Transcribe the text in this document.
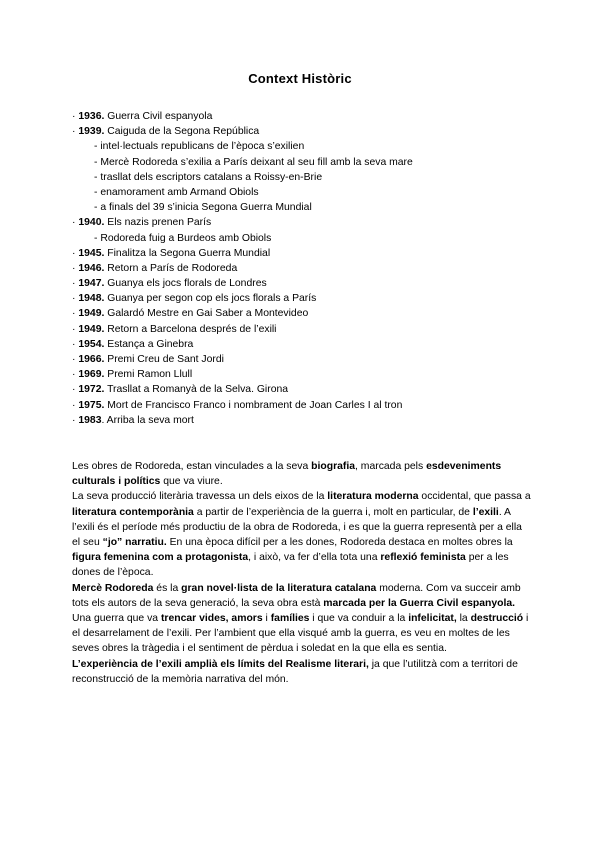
Context Històric
· 1936. Guerra Civil espanyola
· 1939. Caiguda de la Segona República
- intel·lectuals republicans de l’època s’exilien
- Mercè Rodoreda s’exilia a París deixant al seu fill amb la seva mare
- trasllat dels escriptors catalans a Roissy-en-Brie
- enamorament amb Armand Obiols
- a finals del 39 s’inicia Segona Guerra Mundial
· 1940. Els nazis prenen París
- Rodoreda fuig a Burdeos amb Obiols
· 1945. Finalitza la Segona Guerra Mundial
· 1946. Retorn a París de Rodoreda
· 1947. Guanya els jocs florals de Londres
· 1948. Guanya per segon cop els jocs florals a París
· 1949. Galardó Mestre en Gai Saber a Montevideo
· 1949. Retorn a Barcelona després de l’exili
· 1954. Estança a Ginebra
· 1966. Premi Creu de Sant Jordi
· 1969. Premi Ramon Llull
· 1972. Trasllat a Romanyà de la Selva. Girona
· 1975. Mort de Francisco Franco i nombrament de Joan Carles I al tron
· 1983. Arriba la seva mort

Les obres de Rodoreda, estan vinculades a la seva biografia, marcada pels esdeveniments culturals i polítics que va viure.

La seva producció literària travessa un dels eixos de la literatura moderna occidental, que passa a literatura contemporània a partir de l’experiència de la guerra i, molt en particular, de l’exili. A l’exili és el període més productiu de la obra de Rodoreda, i es que la guerra representà per a ella el seu “jo” narratiu. En una època difícil per a les dones, Rodoreda destaca en moltes obres la figura femenina com a protagonista, i això, va fer d’ella tota una reflexió feminista per a les dones de l’època.

Mercè Rodoreda és la gran novel·lista de la literatura catalana moderna. Com va succeir amb tots els autors de la seva generació, la seva obra està marcada per la Guerra Civil espanyola. Una guerra que va trencar vides, amors i famílies i que va conduir a la infelicitat, la destrucció i el desarrelament de l’exili. Per l’ambient que ella visqué amb la guerra, es veu en moltes de les seves obres la tràgedia i el sentiment de pèrdua i soledat en la que ella es sentia.

L’experiència de l’exili amplià els límits del Realisme literari, ja que l’utilitzà com a territori de reconstrucció de la memòria narrativa del món.
